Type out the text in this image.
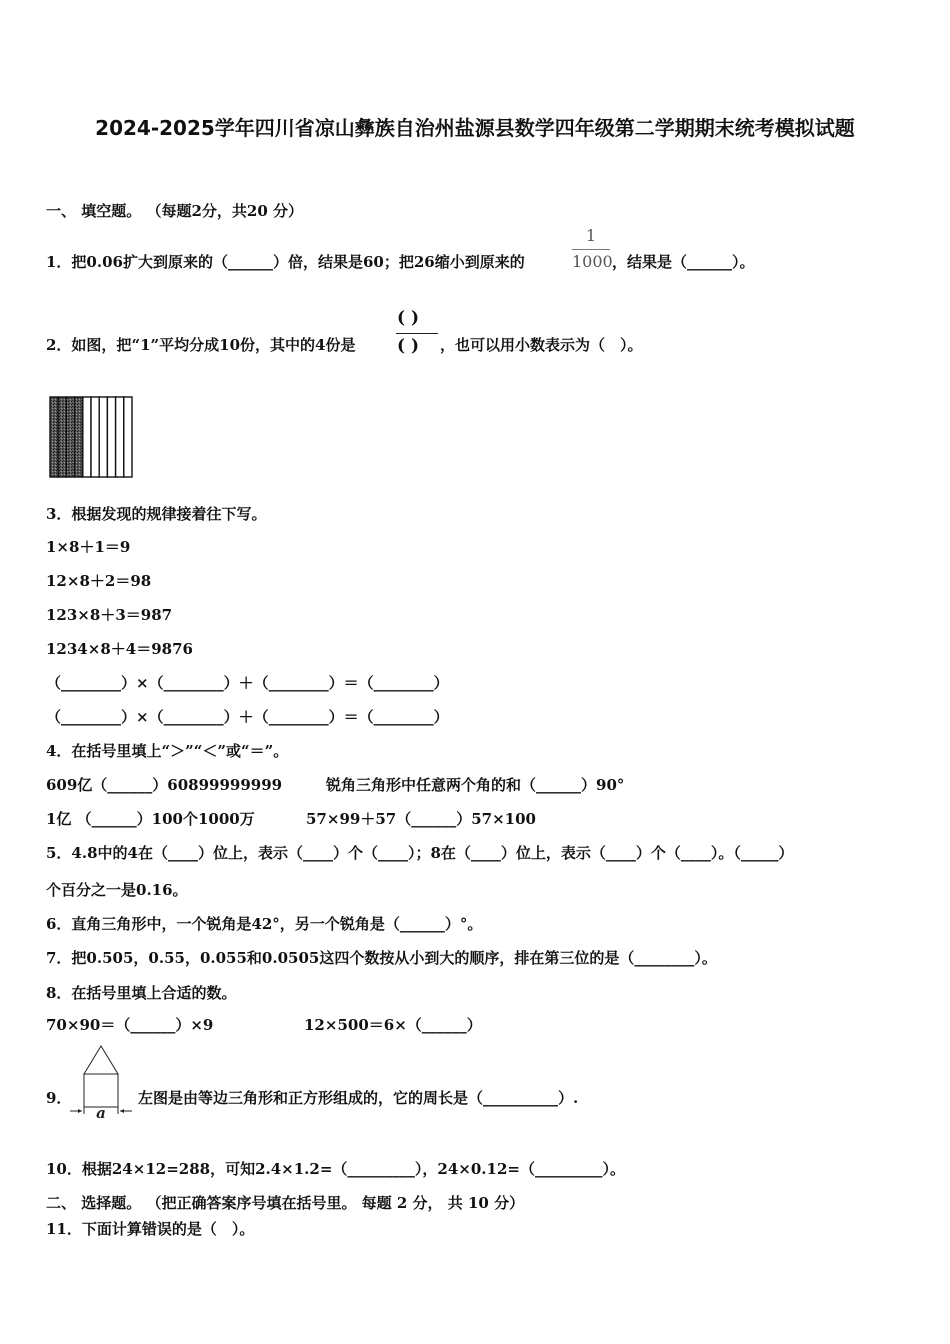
2024-2025学年四川省凉山彝族自治州盐源县数学四年级第二学期期末统考模拟试题
一、 填空题。 （每题2分，共20 分）
1．把0.06扩大到原来的（______）倍，结果是60；把26缩小到原来的
1
1000 ，结果是（______）。
2．如图，把“1”平均分成10份，其中的4份是
( )
( ) ，也可以用小数表示为（　）。
3．根据发现的规律接着往下写。
1×8＋1＝9
12×8＋2＝98
123×8＋3＝987
1234×8＋4＝9876
（________）×（________）＋（________）＝（________）
（________）×（________）＋（________）＝（________）
4．在括号里填上“＞”“＜”或“＝”。
609亿（______）60899999999	锐角三角形中任意两个角的和（______）90°
1亿 （______）100个1000万	57×99＋57（______）57×100
5．4.8中的4在（____）位上，表示（____）个（____）；8在（____）位上，表示（____）个（____）。（_____）
个百分之一是0.16。
6．直角三角形中，一个锐角是42°，另一个锐角是（______）°。
7．把0.505，0.55，0.055和0.0505这四个数按从小到大的顺序，排在第三位的是（________）。
8．在括号里填上合适的数。
70×90＝（______）×9	12×500＝6×（______）
9．
a
左图是由等边三角形和正方形组成的，它的周长是（__________）.
10．根据24×12=288，可知2.4×1.2=（_________），24×0.12=（_________）。
二、 选择题。 （把正确答案序号填在括号里。 每题 2 分， 共 10 分）
11．下面计算错误的是（　）。
